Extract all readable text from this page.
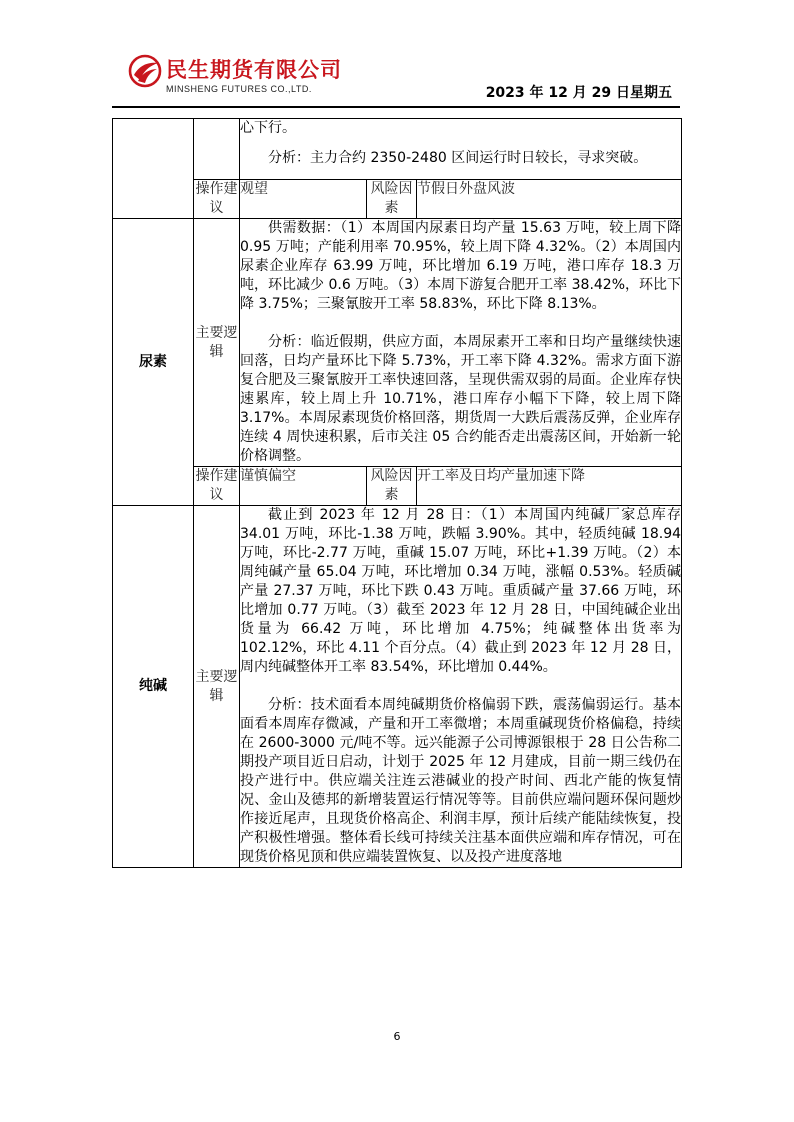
民生期货有限公司
MINSHENG FUTURES CO.,LTD.	2023 年 12 月 29 日星期五

		心下行。

分析：主力合约 2350-2480 区间运行时日较长，寻求突破。		

	操作建议	观望	风险因素	节假日外盘风波
尿素	主要逻辑	供需数据：（1）本周国内尿素日均产量 15.63 万吨，较上周下降 0.95 万吨；产能利用率 70.95%，较上周下降 4.32%。（2）本周国内尿素企业库存 63.99 万吨，环比增加 6.19 万吨，港口库存 18.3 万吨，环比减少 0.6 万吨。（3）本周下游复合肥开工率 38.42%，环比下降 3.75%；三聚氰胺开工率 58.83%，环比下降 8.13%。

分析：临近假期，供应方面，本周尿素开工率和日均产量继续快速回落，日均产量环比下降 5.73%，开工率下降 4.32%。需求方面下游复合肥及三聚氰胺开工率快速回落，呈现供需双弱的局面。企业库存快速累库，较上周上升 10.71%，港口库存小幅下下降，较上周下降 3.17%。本周尿素现货价格回落，期货周一大跌后震荡反弹，企业库存连续 4 周快速积累，后市关注 05 合约能否走出震荡区间，开始新一轮价格调整。		

	操作建议	谨慎偏空	风险因素	开工率及日均产量加速下降
纯碱	主要逻辑	截止到 2023 年 12 月 28 日：（1）本周国内纯碱厂家总库存 34.01 万吨，环比-1.38 万吨，跌幅 3.90%。其中，轻质纯碱 18.94 万吨，环比-2.77 万吨，重碱 15.07 万吨，环比+1.39 万吨。（2）本周纯碱产量 65.04 万吨，环比增加 0.34 万吨，涨幅 0.53%。轻质碱产量 27.37 万吨，环比下跌 0.43 万吨。重质碱产量 37.66 万吨，环比增加 0.77 万吨。（3）截至 2023 年 12 月 28 日，中国纯碱企业出货量为 66.42 万吨，环比增加 4.75%；纯碱整体出货率为 102.12%，环比 4.11 个百分点。（4）截止到 2023 年 12 月 28 日，周内纯碱整体开工率 83.54%，环比增加 0.44%。

分析：技术面看本周纯碱期货价格偏弱下跌，震荡偏弱运行。基本面看本周库存微减，产量和开工率微增；本周重碱现货价格偏稳，持续在 2600-3000 元/吨不等。远兴能源子公司博源银根于 28 日公告称二期投产项目近日启动，计划于 2025 年 12 月建成，目前一期三线仍在投产进行中。供应端关注连云港碱业的投产时间、西北产能的恢复情况、金山及德邦的新增装置运行情况等等。目前供应端问题环保问题炒作接近尾声，且现货价格高企、利润丰厚，预计后续产能陆续恢复，投产积极性增强。整体看长线可持续关注基本面供应端和库存情况，可在现货价格见顶和供应端装置恢复、以及投产进度落地		

6
